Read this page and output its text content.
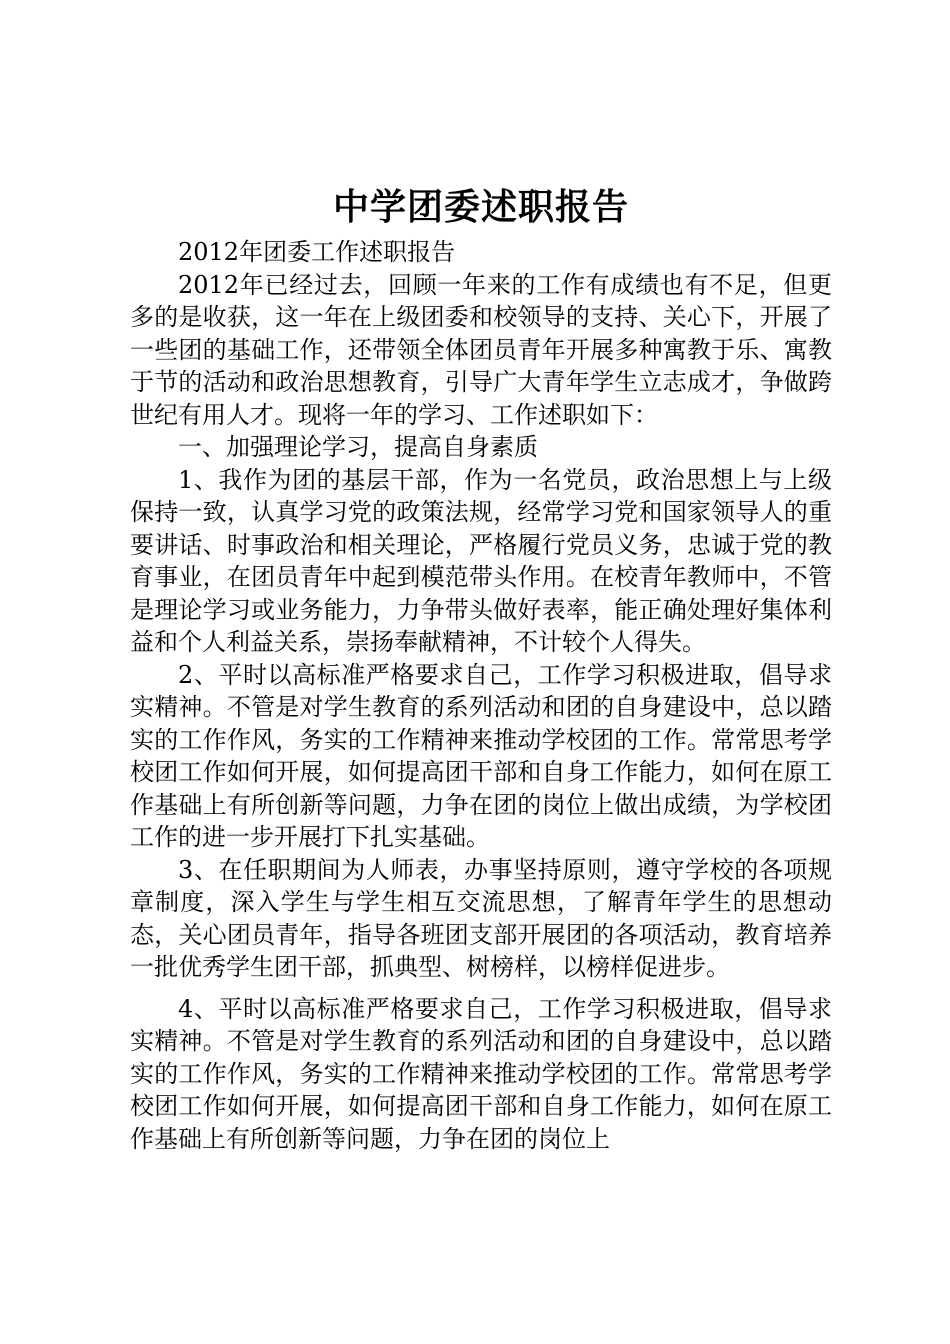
中学团委述职报告

2012年团委工作述职报告

2012年已经过去，回顾一年来的工作有成绩也有不足，但更多的是收获，这一年在上级团委和校领导的支持、关心下，开展了一些团的基础工作，还带领全体团员青年开展多种寓教于乐、寓教于节的活动和政治思想教育，引导广大青年学生立志成才，争做跨世纪有用人才。现将一年的学习、工作述职如下：

一、加强理论学习，提高自身素质

1、我作为团的基层干部，作为一名党员，政治思想上与上级保持一致，认真学习党的政策法规，经常学习党和国家领导人的重要讲话、时事政治和相关理论，严格履行党员义务，忠诚于党的教育事业，在团员青年中起到模范带头作用。在校青年教师中，不管是理论学习或业务能力，力争带头做好表率，能正确处理好集体利益和个人利益关系，崇扬奉献精神，不计较个人得失。

2、平时以高标准严格要求自己，工作学习积极进取，倡导求实精神。不管是对学生教育的系列活动和团的自身建设中，总以踏实的工作作风，务实的工作精神来推动学校团的工作。常常思考学校团工作如何开展，如何提高团干部和自身工作能力，如何在原工作基础上有所创新等问题，力争在团的岗位上做出成绩，为学校团工作的进一步开展打下扎实基础。

3、在任职期间为人师表，办事坚持原则，遵守学校的各项规章制度，深入学生与学生相互交流思想，了解青年学生的思想动态，关心团员青年，指导各班团支部开展团的各项活动，教育培养一批优秀学生团干部，抓典型、树榜样，以榜样促进步。

4、平时以高标准严格要求自己，工作学习积极进取，倡导求实精神。不管是对学生教育的系列活动和团的自身建设中，总以踏实的工作作风，务实的工作精神来推动学校团的工作。常常思考学校团工作如何开展，如何提高团干部和自身工作能力，如何在原工作基础上有所创新等问题，力争在团的岗位上
